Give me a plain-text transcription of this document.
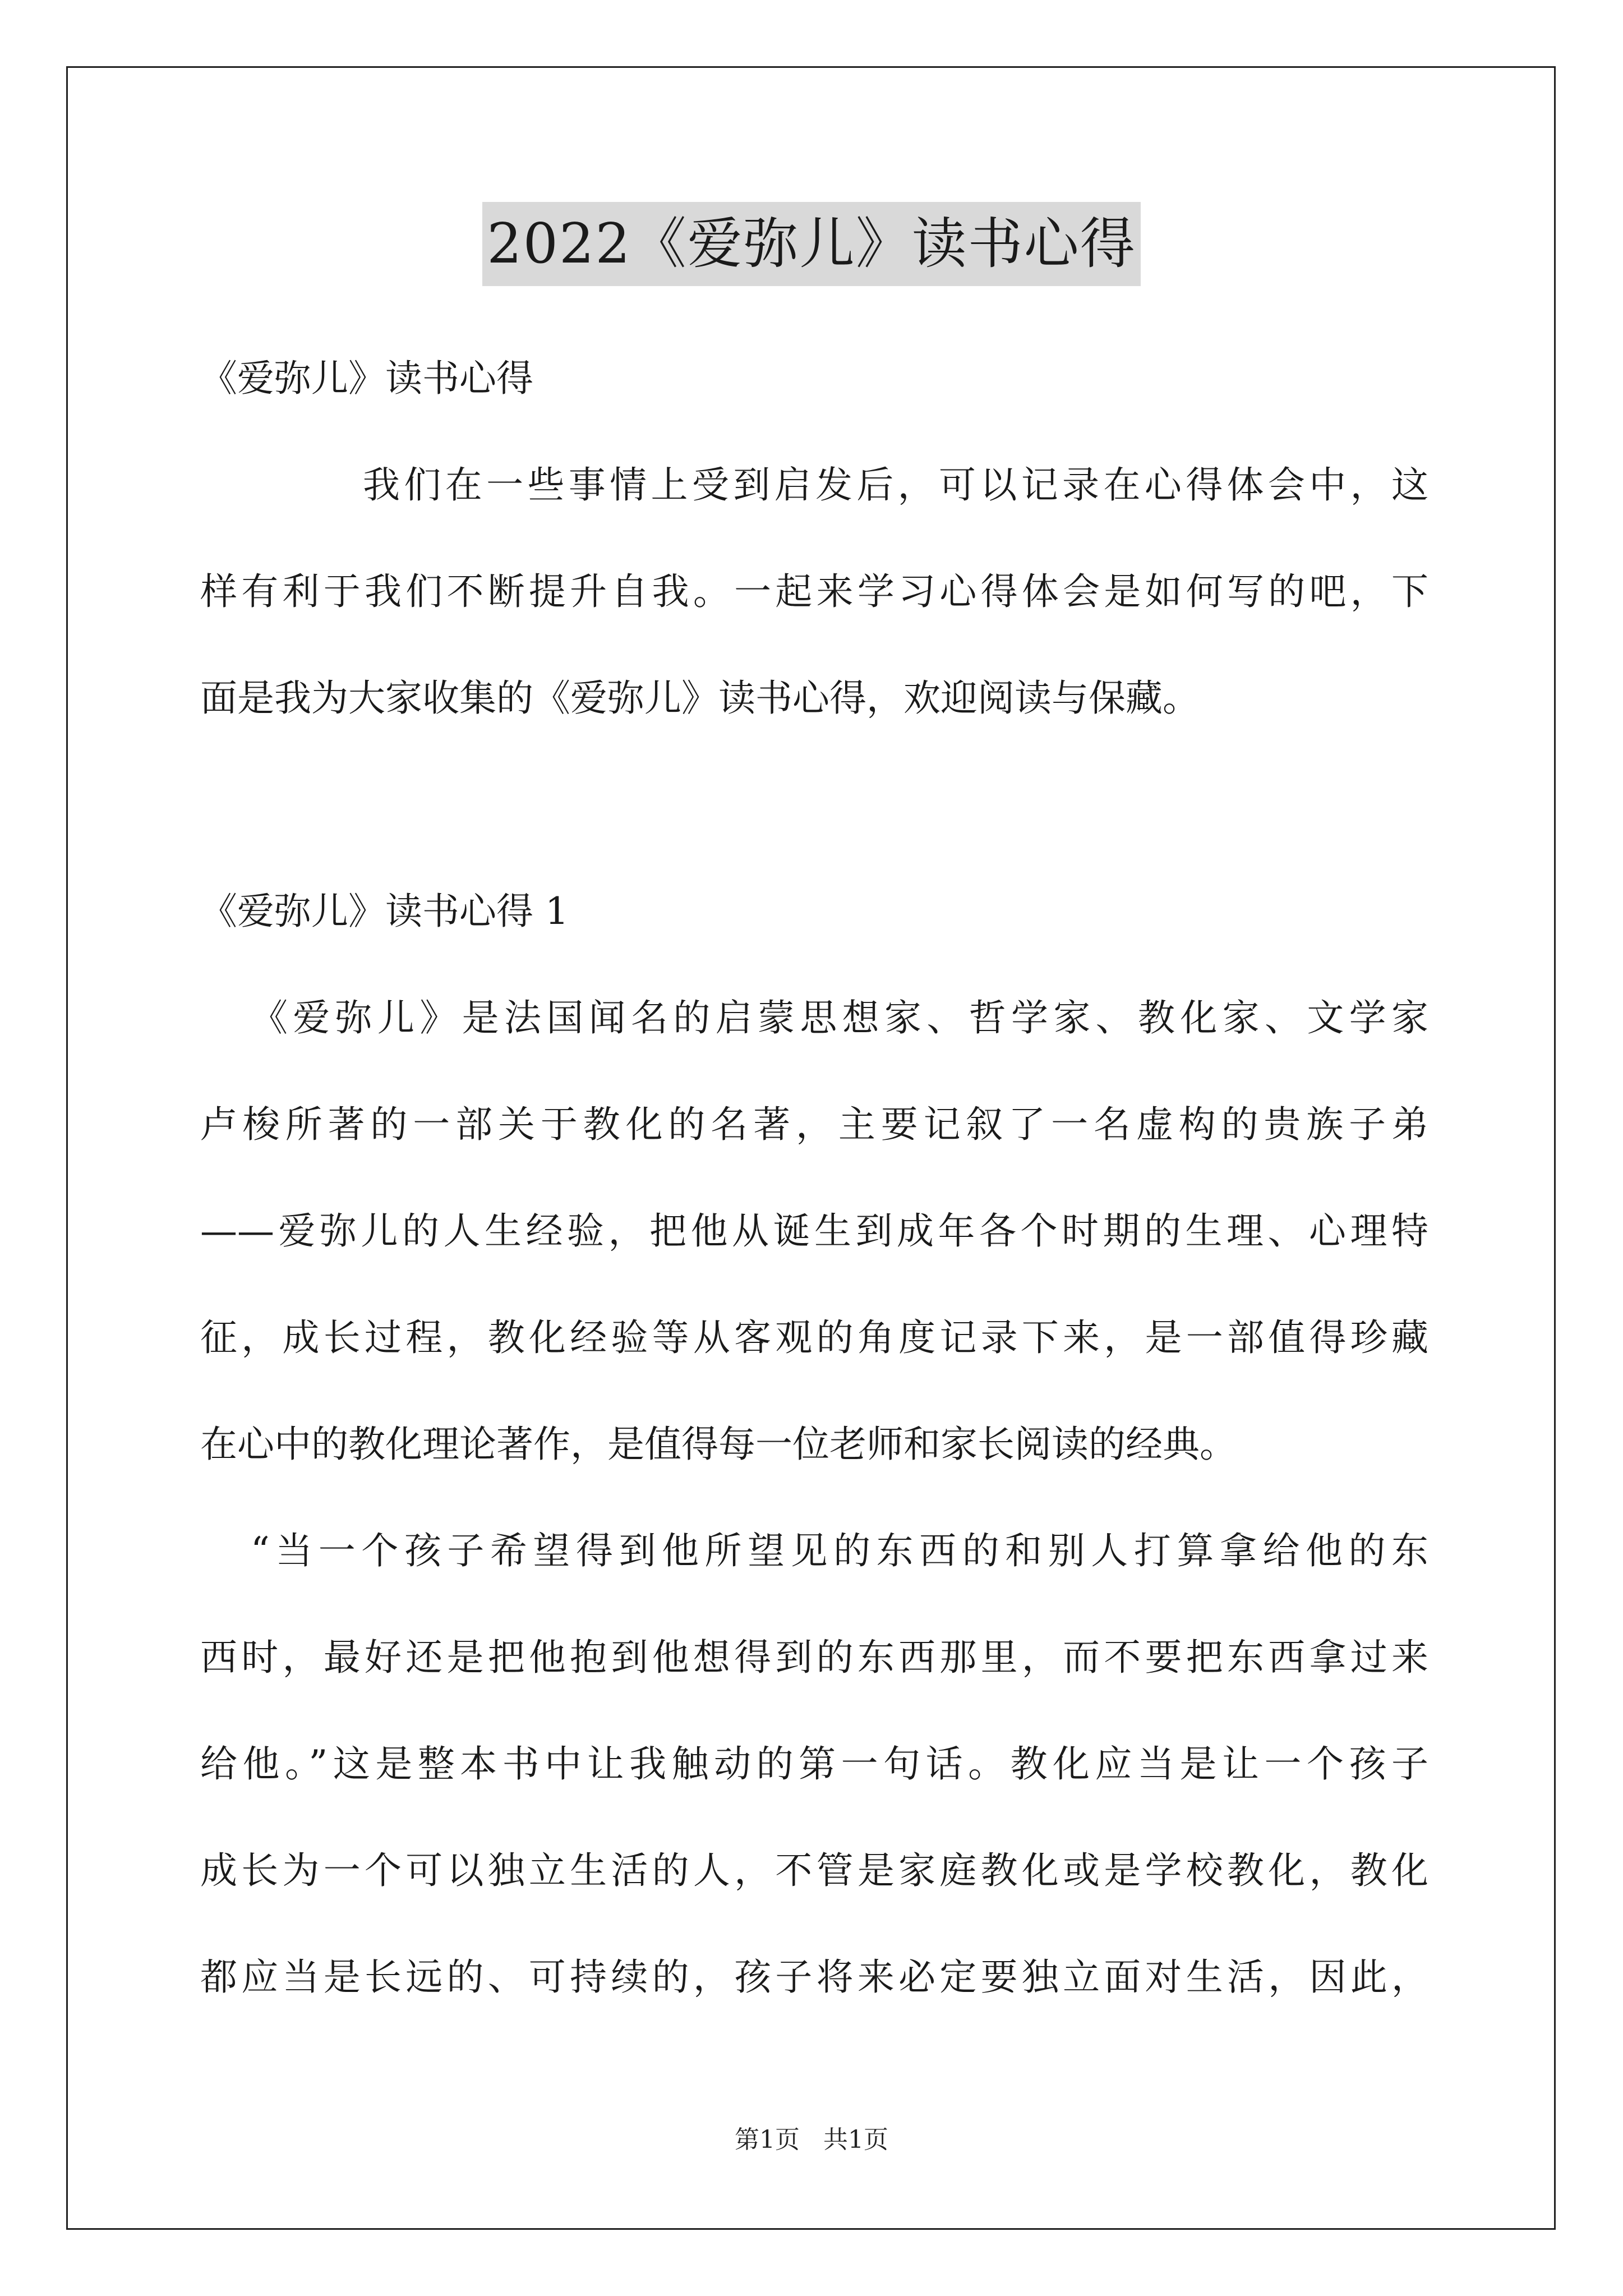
2022《爱弥儿》读书心得
《爱弥儿》读书心得
我们在一些事情上受到启发后，可以记录在心得体会中，这
样有利于我们不断提升自我。一起来学习心得体会是如何写的吧，下
面是我为大家收集的《爱弥儿》读书心得，欢迎阅读与保藏。
《爱弥儿》读书心得 1
《爱弥儿》是法国闻名的启蒙思想家、哲学家、教化家、文学家
卢梭所著的一部关于教化的名著，主要记叙了一名虚构的贵族子弟
——爱弥儿的人生经验，把他从诞生到成年各个时期的生理、心理特
征，成长过程，教化经验等从客观的角度记录下来，是一部值得珍藏
在心中的教化理论著作，是值得每一位老师和家长阅读的经典。
“当一个孩子希望得到他所望见的东西的和别人打算拿给他的东
西时，最好还是把他抱到他想得到的东西那里，而不要把东西拿过来
给他。”这是整本书中让我触动的第一句话。教化应当是让一个孩子
成长为一个可以独立生活的人，不管是家庭教化或是学校教化，教化
都应当是长远的、可持续的，孩子将来必定要独立面对生活，因此，
第1页 共1页
